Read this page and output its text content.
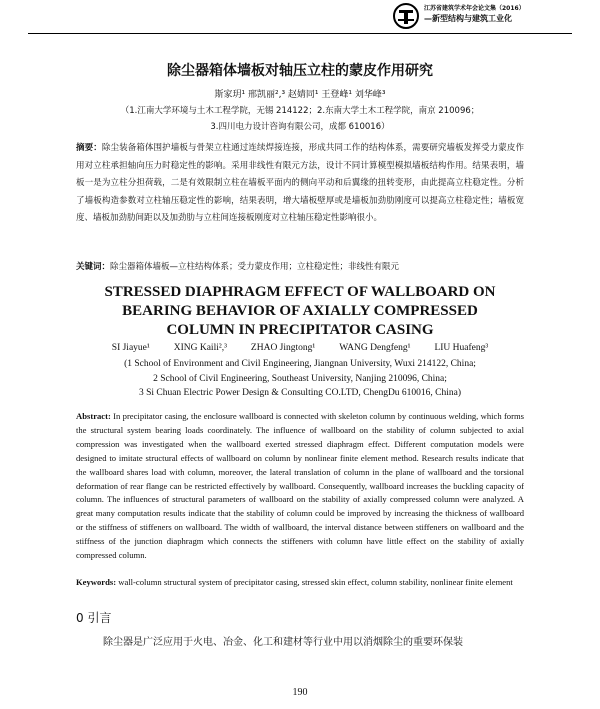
江苏省建筑学术年会论文集（2016）
—新型结构与建筑工业化
除尘器箱体墙板对轴压立柱的蒙皮作用研究
斯家玥¹ 邢凯丽²,³ 赵婧同¹ 王登峰¹ 刘华峰³
（1.江南大学环境与土木工程学院，无锡 214122；2.东南大学土木工程学院，南京 210096；
3.四川电力设计咨询有限公司，成都 610016）
摘要：除尘装备箱体围护墙板与骨架立柱通过连续焊接连接，形成共同工作的结构体系，需要研究墙板发挥受力蒙皮作用对立柱承担轴向压力时稳定性的影响。采用非线性有限元方法，设计不同计算模型模拟墙板结构作用。结果表明，墙板一是为立柱分担荷载，二是有效限制立柱在墙板平面内的侧向平动和后翼缘的扭转变形，由此提高立柱稳定性。分析了墙板构造参数对立柱轴压稳定性的影响，结果表明，增大墙板壁厚或是墙板加劲肋刚度可以提高立柱稳定性；墙板宽度、墙板加劲肋间距以及加劲肋与立柱间连接板刚度对立柱轴压稳定性影响很小。
关键词：除尘器箱体墙板—立柱结构体系；受力蒙皮作用；立柱稳定性；非线性有限元
STRESSED DIAPHRAGM EFFECT OF WALLBOARD ON
BEARING BEHAVIOR OF AXIALLY COMPRESSED
COLUMN IN PRECIPITATOR CASING
SI Jiayue¹	XING Kaili²,³	ZHAO Jingtong¹	WANG Dengfeng¹	LIU Huafeng³
(1 School of Environment and Civil Engineering, Jiangnan University, Wuxi 214122, China;
2 School of Civil Engineering, Southeast University, Nanjing 210096, China;
3 Si Chuan Electric Power Design & Consulting CO.LTD, ChengDu 610016, China)
Abstract: In precipitator casing, the enclosure wallboard is connected with skeleton column by continuous welding, which forms the structural system bearing loads coordinately. The influence of wallboard on the stability of column subjected to axial compression was investigated when the wallboard exerted stressed diaphragm effect. Different computation models were designed to imitate structural effects of wallboard on column by nonlinear finite element method. Research results indicate that the wallboard shares load with column, moreover, the lateral translation of column in the plane of wallboard and the torsional deformation of rear flange can be restricted effectively by wallboard. Consequently, wallboard increases the buckling capacity of column. The influences of structural parameters of wallboard on the stability of axially compressed column were analyzed. A great many computation results indicate that the stability of column could be improved by increasing the thickness of wallboard or the stiffness of stiffeners on wallboard. The width of wallboard, the interval distance between stiffeners on wallboard and the stiffness of the junction diaphragm which connects the stiffeners with column have little effect on the stability of axially compressed column.
Keywords: wall-column structural system of precipitator casing, stressed skin effect, column stability, nonlinear finite element
0 引言
除尘器是广泛应用于火电、冶金、化工和建材等行业中用以消烟除尘的重要环保装
190
